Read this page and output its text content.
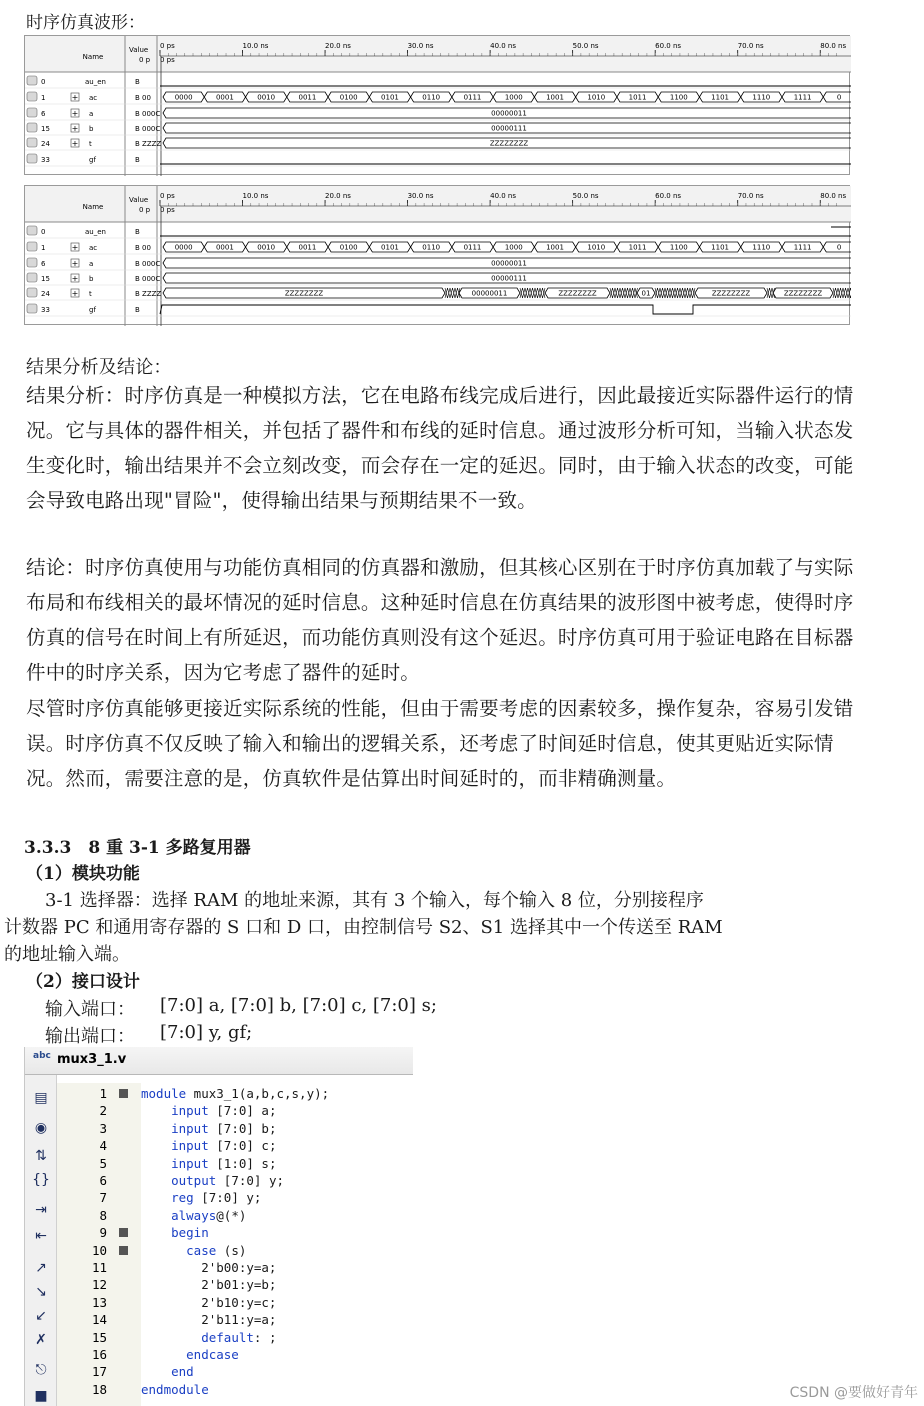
时序仿真波形：
Name
Value
0 p 0 ps
0 ps	10.0 ns	20.0 ns	30.0 ns	40.0 ns	50.0 ns	60.0 ns	70.0 ns	80.0 ns
0	au_en	B
1	+ ac	B 00
6	+ a	B 000C
15	+ b	B 000C
24	+ t	B ZZZZ
33	gf	B
0000	0001	0010	0011	0100	0101	0110	0111	1000	1001	1010	1011	1100	1101	1110	1111	0
00000011
00000111
ZZZZZZZZ
Name
Value
0 p 0 ps
0 ps	10.0 ns	20.0 ns	30.0 ns	40.0 ns	50.0 ns	60.0 ns	70.0 ns	80.0 ns
0	au_en	B
1	+ ac	B 00
6	+ a	B 000C
15	+ b	B 000C
24	+ t	B ZZZZ
33	gf	B
0000	0001	0010	0011	0100	0101	0110	0111	1000	1001	1010	1011	1100	1101	1110	1111	0
00000011
00000111
ZZZZZZZZ	00000011	ZZZZZZZZ	01	ZZZZZZZZ	ZZZZZZZZ
结果分析及结论：
结果分析：时序仿真是一种模拟方法，它在电路布线完成后进行，因此最接近实际器件运行的情况。它与具体的器件相关，并包括了器件和布线的延时信息。通过波形分析可知，当输入状态发生变化时，输出结果并不会立刻改变，而会存在一定的延迟。同时，由于输入状态的改变，可能会导致电路出现"冒险"，使得输出结果与预期结果不一致。
结论：时序仿真使用与功能仿真相同的仿真器和激励，但其核心区别在于时序仿真加载了与实际布局和布线相关的最坏情况的延时信息。这种延时信息在仿真结果的波形图中被考虑，使得时序仿真的信号在时间上有所延迟，而功能仿真则没有这个延迟。时序仿真可用于验证电路在目标器件中的时序关系，因为它考虑了器件的延时。
尽管时序仿真能够更接近实际系统的性能，但由于需要考虑的因素较多，操作复杂，容易引发错误。时序仿真不仅反映了输入和输出的逻辑关系，还考虑了时间延时信息，使其更贴近实际情况。然而，需要注意的是，仿真软件是估算出时间延时的，而非精确测量。
3.3.3　8 重 3-1 多路复用器
（1）模块功能
3-1 选择器：选择 RAM 的地址来源，其有 3 个输入，每个输入 8 位，分别接程序
计数器 PC 和通用寄存器的 S 口和 D 口，由控制信号 S2、S1 选择其中一个传送至 RAM
的地址输入端。
（2）接口设计
输入端口： [7:0] a, [7:0] b, [7:0] c, [7:0] s;
输出端口： [7:0] y, gf;
abc mux3_1.v
▤
◉
⇅
{}
⇥
⇤
↗
↘
↙
✗
⎋
■
1
2
3
4
5
6
7
8
9
10
11
12
13
14
15
16
17
18
module mux3_1(a,b,c,s,y);
input [7:0] a;
input [7:0] b;
input [7:0] c;
input [1:0] s;
output [7:0] y;
reg [7:0] y;
always@(*)
begin
case (s)
2'b00:y=a;
2'b01:y=b;
2'b10:y=c;
2'b11:y=a;
default: ;
endcase
end
endmodule	CSDN @要做好青年
